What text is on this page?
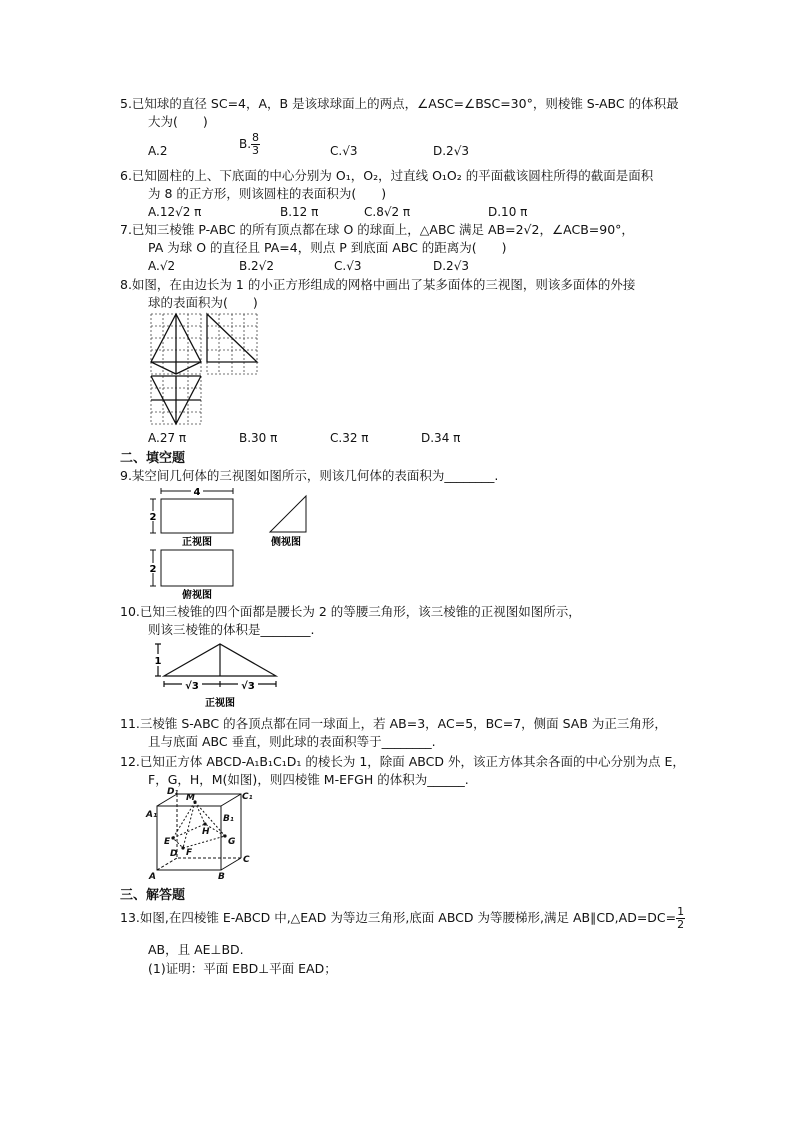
5.已知球的直径 SC=4，A，B 是该球球面上的两点，∠ASC=∠BSC=30°，则棱锥 S-ABC 的体积最
大为(　　)
A.2	B. $\frac{8}{3}$	C.√3	D.2√3
6.已知圆柱的上、下底面的中心分别为 O₁，O₂，过直线 O₁O₂ 的平面截该圆柱所得的截面是面积
为 8 的正方形，则该圆柱的表面积为(　　)
A.12√2 π	B.12 π	C.8√2 π	D.10 π
7.已知三棱锥 P-ABC 的所有顶点都在球 O 的球面上，△ABC 满足 AB=2√2，∠ACB=90°，
PA 为球 O 的直径且 PA=4，则点 P 到底面 ABC 的距离为(　　)
A.√2	B.2√2	C.√3	D.2√3
8.如图，在由边长为 1 的小正方形组成的网格中画出了某多面体的三视图，则该多面体的外接
球的表面积为(　　)
A.27 π	B.30 π	C.32 π	D.34 π
二、填空题
9.某空间几何体的三视图如图所示，则该几何体的表面积为________.
4
2
2
正视图	侧视图
俯视图
10.已知三棱锥的四个面都是腰长为 2 的等腰三角形，该三棱锥的正视图如图所示，
则该三棱锥的体积是________.
1
√3	√3
正视图
11.三棱锥 S-ABC 的各顶点都在同一球面上，若 AB=3，AC=5，BC=7，侧面 SAB 为正三角形，
且与底面 ABC 垂直，则此球的表面积等于________.
12.已知正方体 ABCD-A₁B₁C₁D₁ 的棱长为 1，除面 ABCD 外，该正方体其余各面的中心分别为点 E，
F，G，H，M(如图)，则四棱锥 M-EFGH 的体积为______.
D₁	C₁
A₁	B₁
M
H
E	G
F
D
C
A	B
三、解答题
13.如图,在四棱锥 E-ABCD 中,△EAD 为等边三角形,底面 ABCD 为等腰梯形,满足 AB∥CD,AD=DC= $\frac{1}{2}$
AB，且 AE⊥BD.
(1)证明：平面 EBD⊥平面 EAD；
